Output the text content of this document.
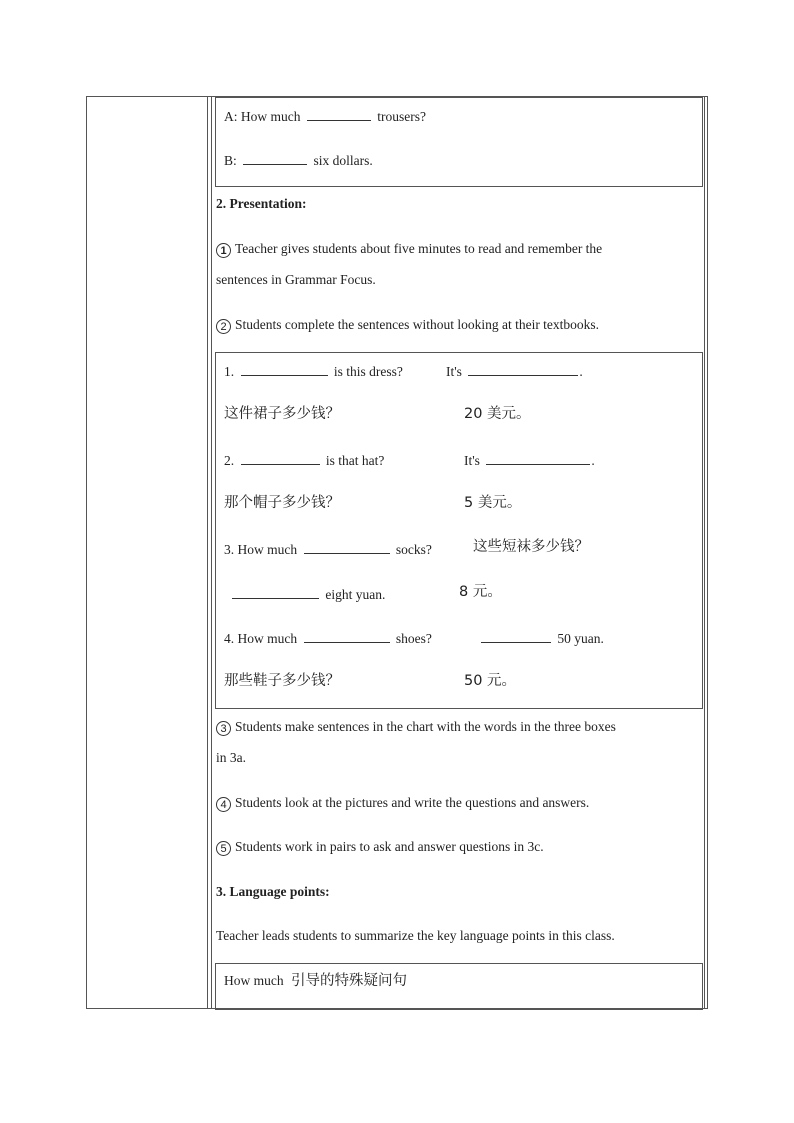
A: How much	trousers?
B:	six dollars.
2. Presentation:
1 Teacher gives students about five minutes to read and remember the
sentences in Grammar Focus.
2 Students complete the sentences without looking at their textbooks.
1.	is this dress?	It's	.
这件裙子多少钱？	20 美元。
2.	is that hat?	It's	.
那个帽子多少钱？	5 美元。
3. How much	socks?	这些短袜多少钱？
eight yuan.	8 元。
4. How much	shoes?	50 yuan.
那些鞋子多少钱？	50 元。
3 Students make sentences in the chart with the words in the three boxes
in 3a.
4 Students look at the pictures and write the questions and answers.
5 Students work in pairs to ask and answer questions in 3c.
3. Language points:
Teacher leads students to summarize the key language points in this class.
How much 引导的特殊疑问句
